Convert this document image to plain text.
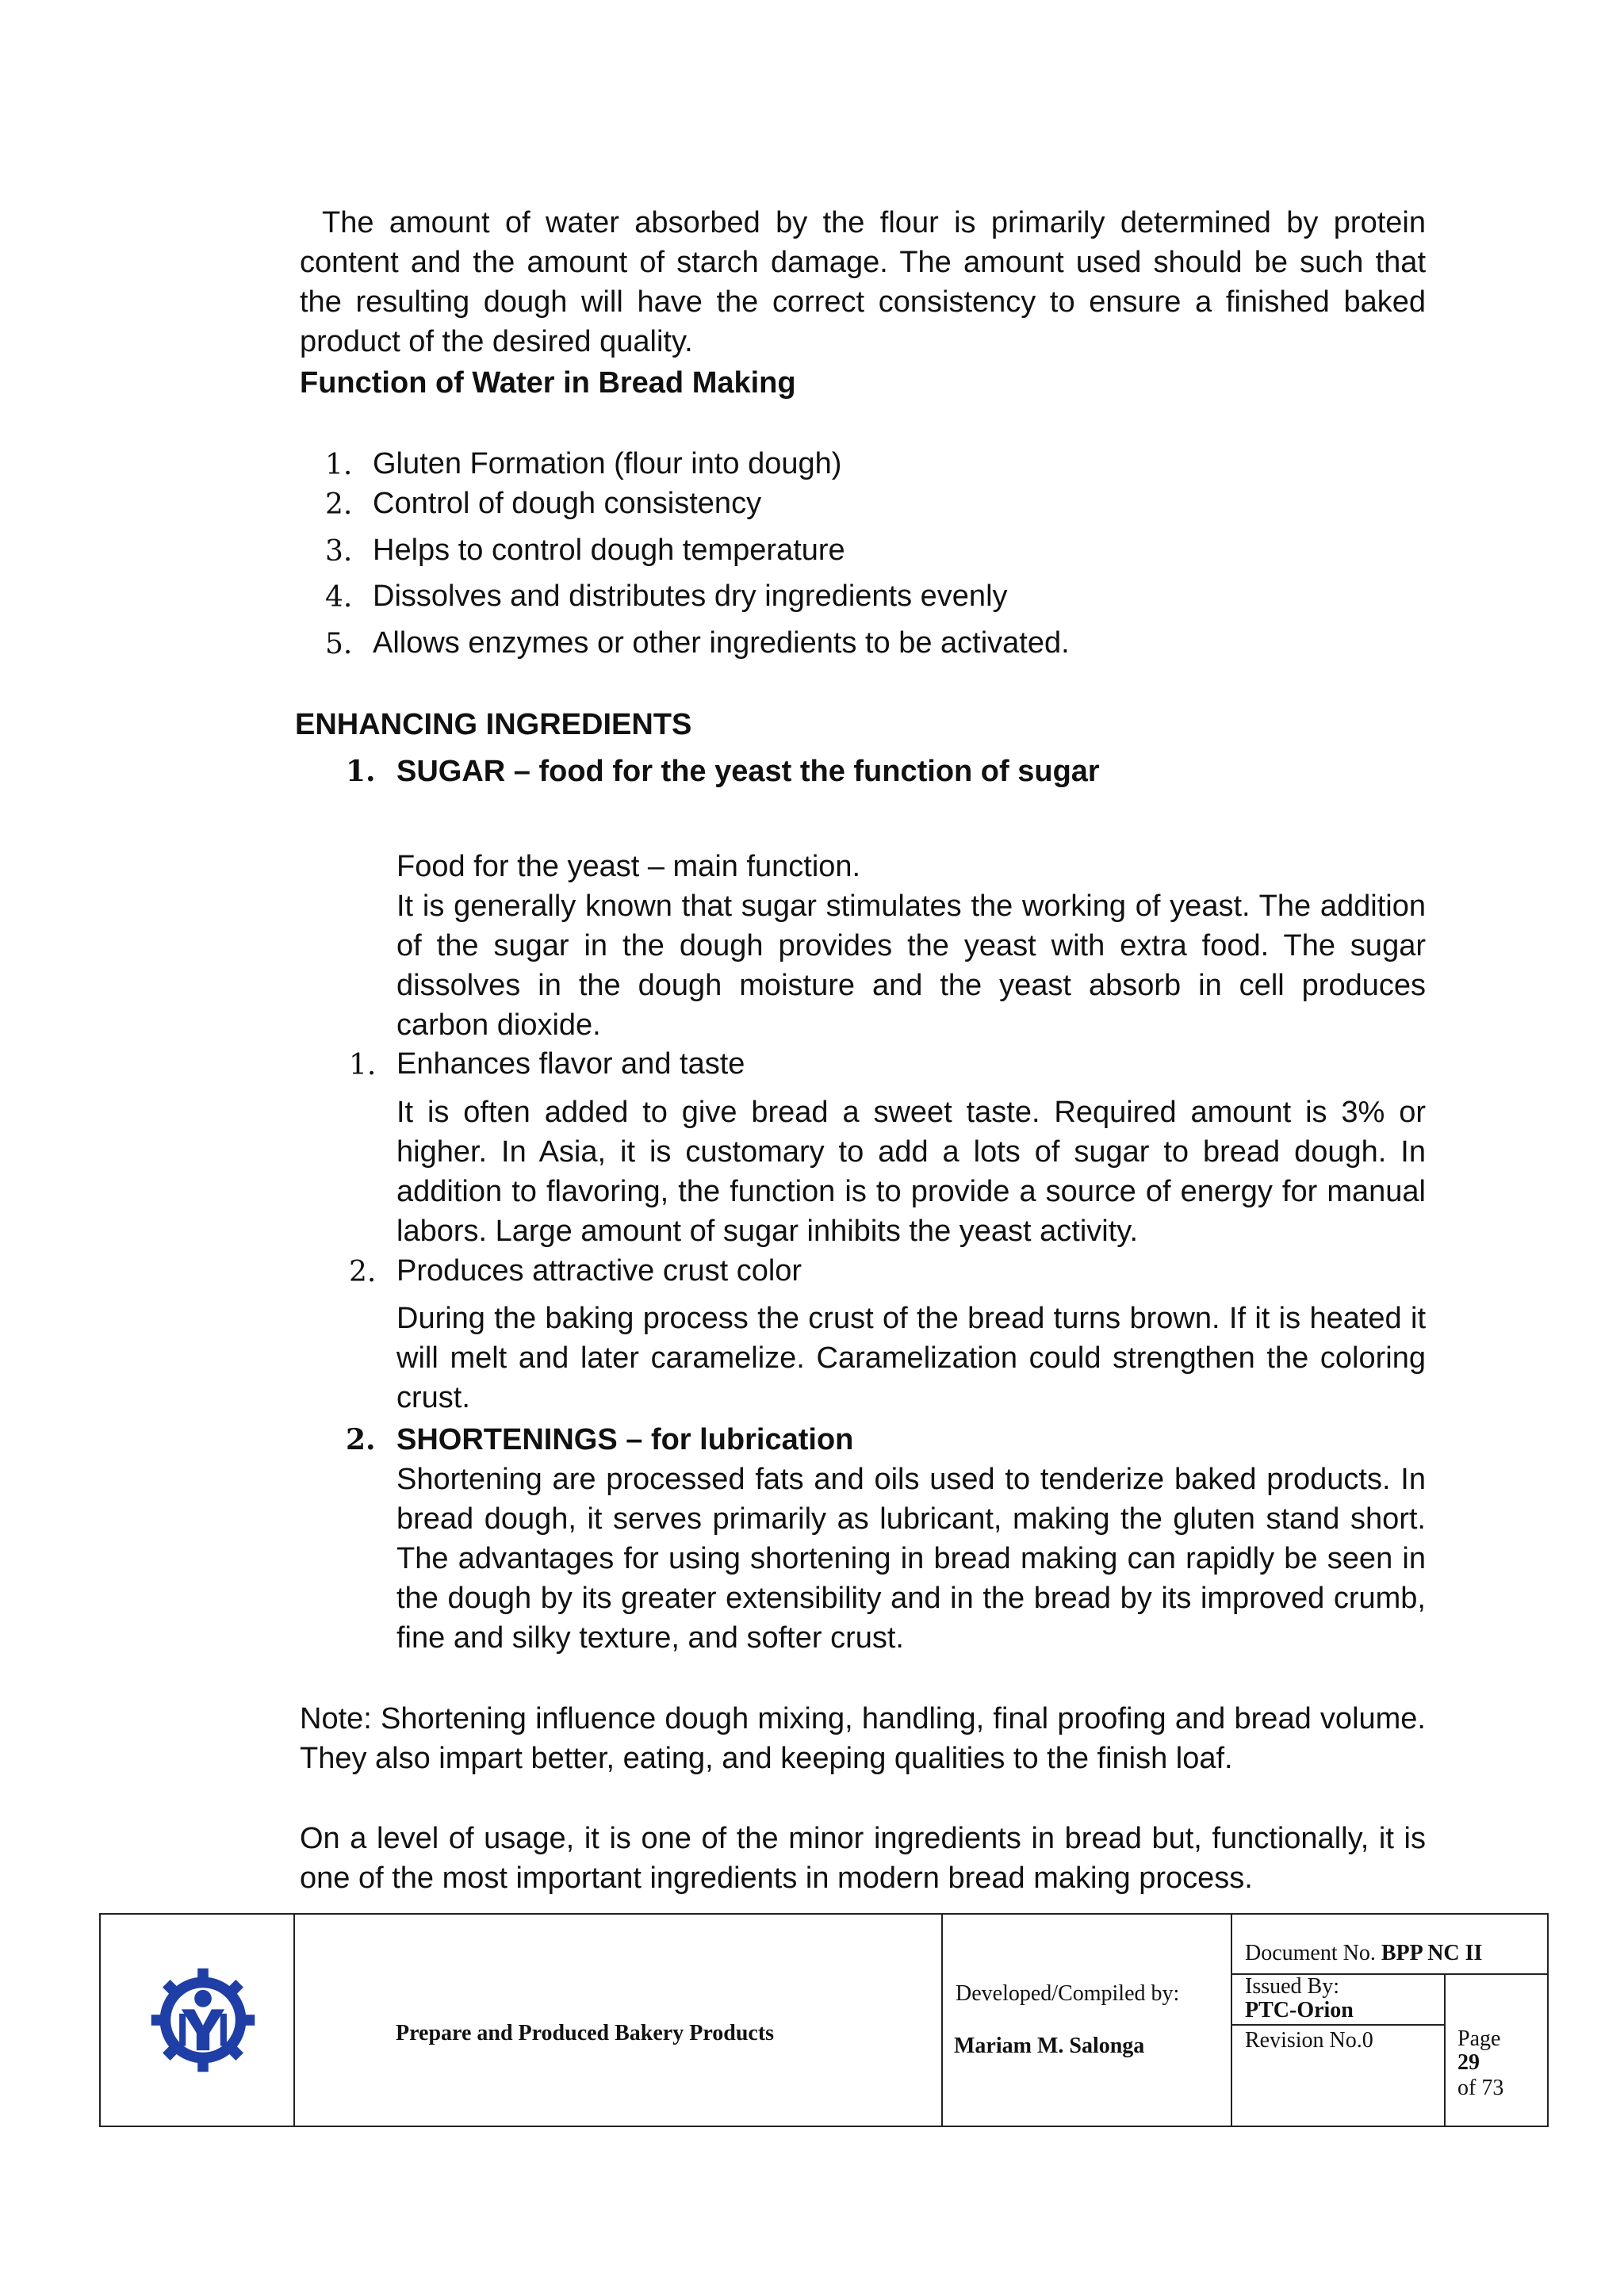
The amount of water absorbed by the flour is primarily determined by protein content and the amount of starch damage. The amount used should be such that the resulting dough will have the correct consistency to ensure a finished baked product of the desired quality.
Function of Water in Bread Making
1. Gluten Formation (flour into dough)
2. Control of dough consistency
3. Helps to control dough temperature
4. Dissolves and distributes dry ingredients evenly
5. Allows enzymes or other ingredients to be activated.
ENHANCING INGREDIENTS
1. SUGAR – food for the yeast the function of sugar
Food for the yeast – main function.
It is generally known that sugar stimulates the working of yeast. The addition of the sugar in the dough provides the yeast with extra food. The sugar dissolves in the dough moisture and the yeast absorb in cell produces carbon dioxide.
1. Enhances flavor and taste
It is often added to give bread a sweet taste. Required amount is 3% or higher. In Asia, it is customary to add a lots of sugar to bread dough. In addition to flavoring, the function is to provide a source of energy for manual labors. Large amount of sugar inhibits the yeast activity.
2. Produces attractive crust color
During the baking process the crust of the bread turns brown. If it is heated it will melt and later caramelize. Caramelization could strengthen the coloring crust.
2. SHORTENINGS – for lubrication
Shortening are processed fats and oils used to tenderize baked products. In bread dough, it serves primarily as lubricant, making the gluten stand short. The advantages for using shortening in bread making can rapidly be seen in the dough by its greater extensibility and in the bread by its improved crumb, fine and silky texture, and softer crust.
Note: Shortening influence dough mixing, handling, final proofing and bread volume. They also impart better, eating, and keeping qualities to the finish loaf.
On a level of usage, it is one of the minor ingredients in bread but, functionally, it is one of the most important ingredients in modern bread making process.
Prepare and Produced Bakery Products
Developed/Compiled by:
Mariam M. Salonga
Document No. BPP NC II
Issued By:
PTC-Orion
Revision No.0	Page
29
of 73
